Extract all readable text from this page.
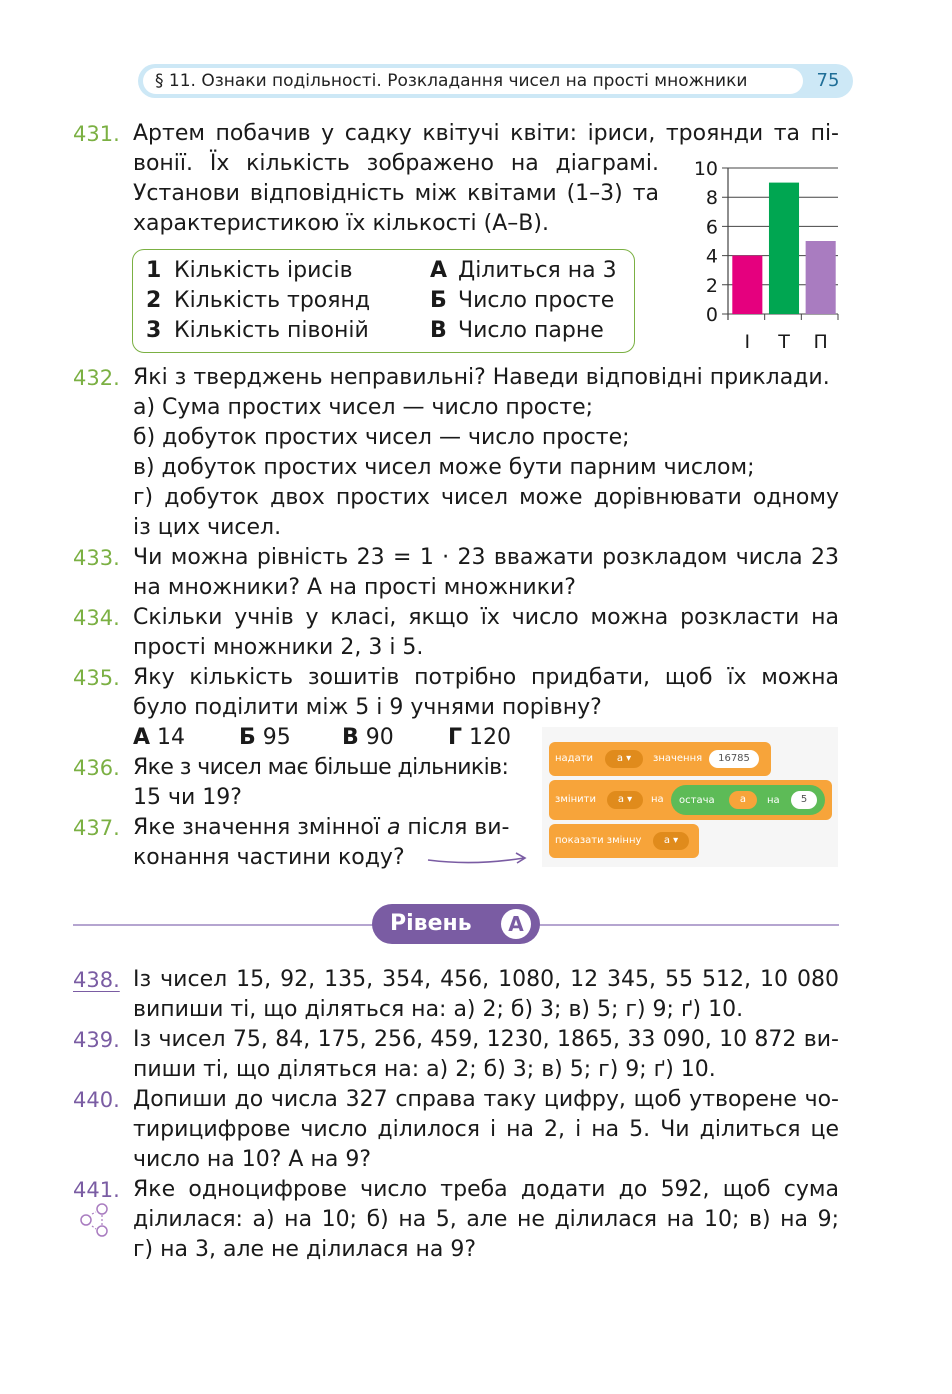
§ 11. Ознаки подільності. Розкладання чисел на прості множники	75
431. Артем побачив у садку квітучі квіти: іриси, троянди та пі-
вонії. Їх кількість зображено на діаграмі.
Установи відповідність між квітами (1–3) та
характеристикою їх кількості (А–В).
1 Кількість ірисів
2 Кількість троянд
3 Кількість півоній
А Ділиться на 3
Б Число просте
В Число парне
0
2
4
6
8
10
І Т П
432. Які з тверджень неправильні? Наведи відповідні приклади.
а) Сума простих чисел — число просте;
б) добуток простих чисел — число просте;
в) добуток простих чисел може бути парним числом;
г) добуток двох простих чисел може дорівнювати одному
із цих чисел.
433. Чи можна рівність 23 = 1 · 23 вважати розкладом числа 23
на множники? А на прості множники?
434. Скільки учнів у класі, якщо їх число можна розкласти на
прості множники 2, 3 і 5.
435. Яку кількість зошитів потрібно придбати, щоб їх можна
було поділити між 5 і 9 учнями порівну?
А 14 Б 95 В 90 Г 120
436. Яке з чисел має більше дільників:
15 чи 19?
437. Яке значення змінної a після ви-
конання частини коду?
надати	a ▾	значення	16785
змінити	a ▾	на остача	a	на	5
показати змінну	a ▾
Рівень	А
438. Із чисел 15, 92, 135, 354, 456, 1080, 12 345, 55 512, 10 080
випиши ті, що діляться на: а) 2; б) 3; в) 5; г) 9; ґ) 10.
439. Із чисел 75, 84, 175, 256, 459, 1230, 1865, 33 090, 10 872 ви-
пиши ті, що діляться на: а) 2; б) 3; в) 5; г) 9; ґ) 10.
440. Допиши до числа 327 справа таку цифру, щоб утворене чо-
тирицифрове число ділилося і на 2, і на 5. Чи ділиться це
число на 10? А на 9?
441. Яке одноцифрове число треба додати до 592, щоб сума
ділилася: а) на 10; б) на 5, але не ділилася на 10; в) на 9;
г) на 3, але не ділилася на 9?
